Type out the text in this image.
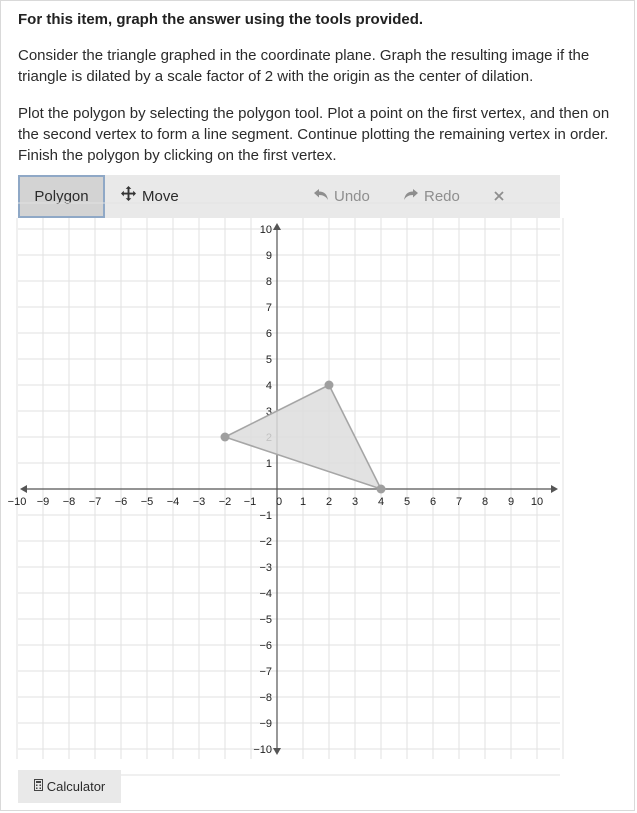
For this item, graph the answer using the tools provided.

Consider the triangle graphed in the coordinate plane. Graph the resulting image if the triangle is dilated by a scale factor of 2 with the origin as the center of dilation.

Plot the polygon by selecting the polygon tool. Plot a point on the first vertex, and then on the second vertex to form a line segment. Continue plotting the remaining vertex in order. Finish the polygon by clicking on the first vertex.

Polygon	Move	Undo	Redo
−10 −9 −8 −7 −6 −5 −4 −3 −2 −1 0 1 2 3 4 5 6 7 8 9 10
−10
−9
−8
−7
−6
−5
−4
−3
−2
−1
1
3
4
5
6
7
8
9
10
Calculator
